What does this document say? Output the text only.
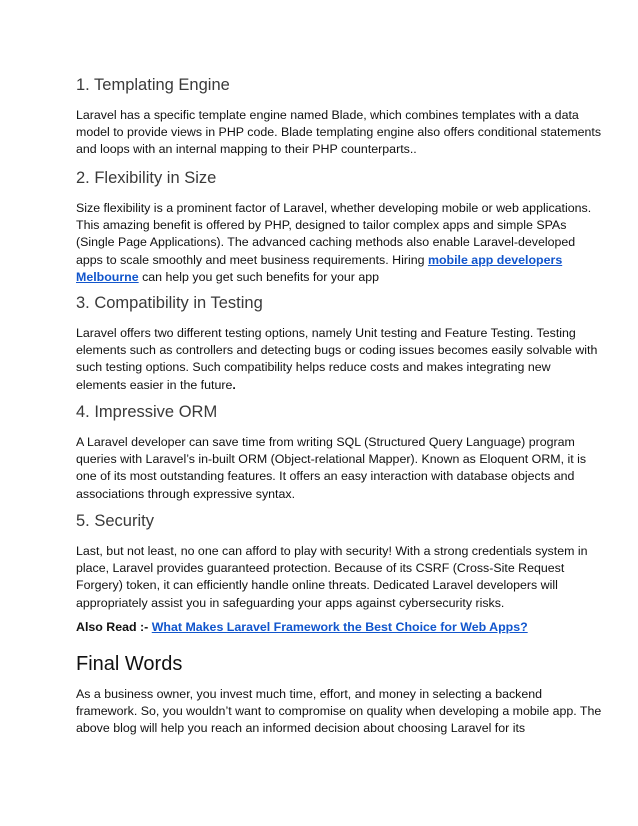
1. Templating Engine

Laravel has a specific template engine named Blade, which combines templates with a data
model to provide views in PHP code. Blade templating engine also offers conditional statements
and loops with an internal mapping to their PHP counterparts..

2. Flexibility in Size

Size flexibility is a prominent factor of Laravel, whether developing mobile or web applications.
This amazing benefit is offered by PHP, designed to tailor complex apps and simple SPAs
(Single Page Applications). The advanced caching methods also enable Laravel-developed
apps to scale smoothly and meet business requirements. Hiring mobile app developers
Melbourne can help you get such benefits for your app

3. Compatibility in Testing

Laravel offers two different testing options, namely Unit testing and Feature Testing. Testing
elements such as controllers and detecting bugs or coding issues becomes easily solvable with
such testing options. Such compatibility helps reduce costs and makes integrating new
elements easier in the future.

4. Impressive ORM

A Laravel developer can save time from writing SQL (Structured Query Language) program
queries with Laravel’s in-built ORM (Object-relational Mapper). Known as Eloquent ORM, it is
one of its most outstanding features. It offers an easy interaction with database objects and
associations through expressive syntax.

5. Security

Last, but not least, no one can afford to play with security! With a strong credentials system in
place, Laravel provides guaranteed protection. Because of its CSRF (Cross-Site Request
Forgery) token, it can efficiently handle online threats. Dedicated Laravel developers will
appropriately assist you in safeguarding your apps against cybersecurity risks.

Also Read :- What Makes Laravel Framework the Best Choice for Web Apps?

Final Words

As a business owner, you invest much time, effort, and money in selecting a backend
framework. So, you wouldn’t want to compromise on quality when developing a mobile app. The
above blog will help you reach an informed decision about choosing Laravel for its
